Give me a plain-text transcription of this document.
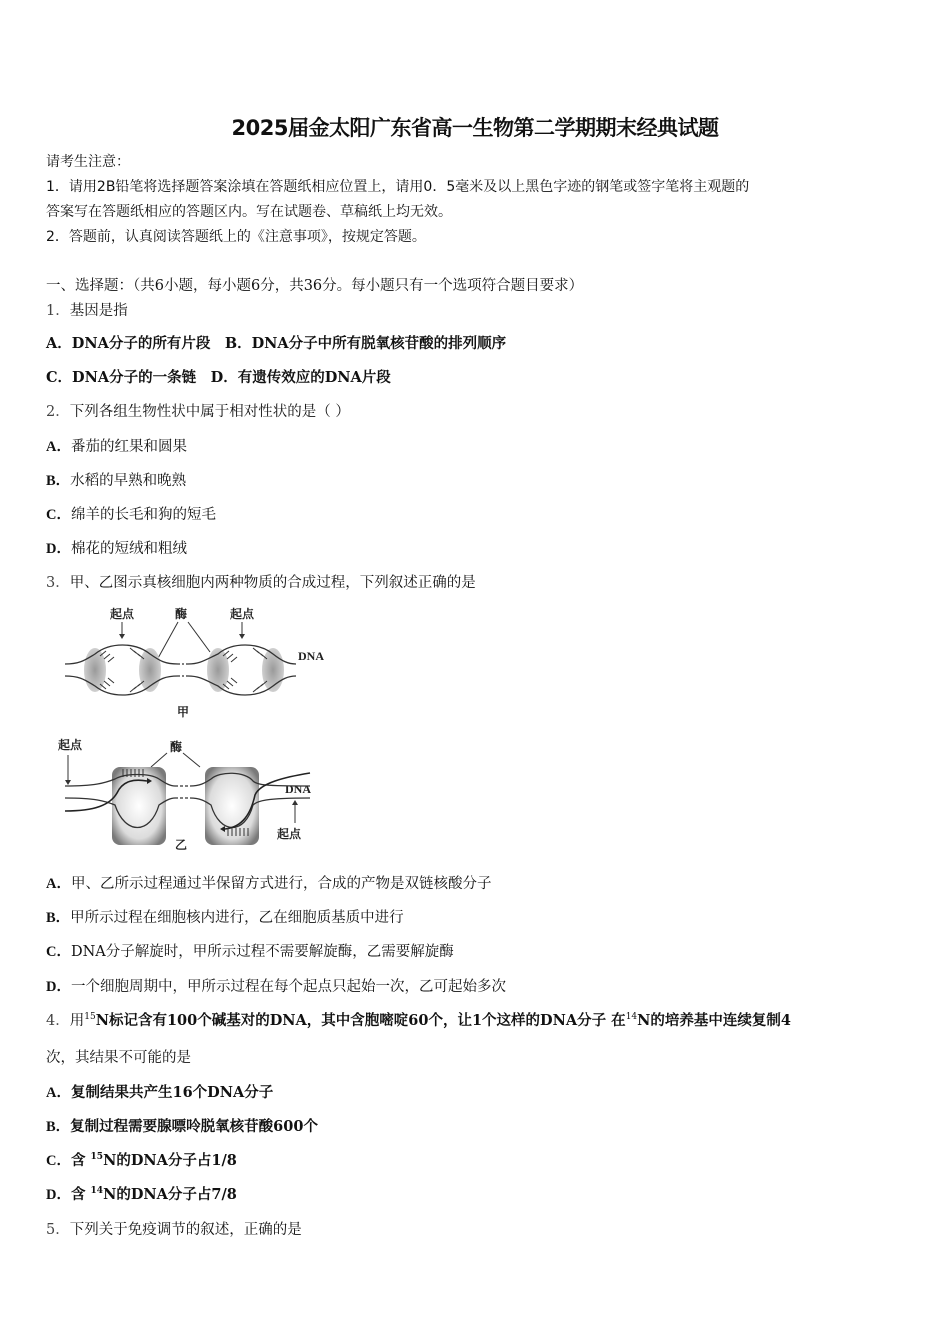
2025届金太阳广东省高一生物第二学期期末经典试题
请考生注意：
1．请用2B铅笔将选择题答案涂填在答题纸相应位置上，请用0．5毫米及以上黑色字迹的钢笔或签字笔将主观题的
答案写在答题纸相应的答题区内。写在试题卷、草稿纸上均无效。
2．答题前，认真阅读答题纸上的《注意事项》，按规定答题。
一、选择题：（共6小题，每小题6分，共36分。每小题只有一个选项符合题目要求）
1．基因是指
A．DNA分子的所有片段　B．DNA分子中所有脱氧核苷酸的排列顺序
C．DNA分子的一条链　D．有遗传效应的DNA片段
2．下列各组生物性状中属于相对性状的是（ ）
A．番茄的红果和圆果
B．水稻的早熟和晚熟
C．绵羊的长毛和狗的短毛
D．棉花的短绒和粗绒
3．甲、乙图示真核细胞内两种物质的合成过程，下列叙述正确的是
起点	酶	起点
DNA
甲
起点	酶
DNA
起点
乙
A．甲、乙所示过程通过半保留方式进行，合成的产物是双链核酸分子
B．甲所示过程在细胞核内进行，乙在细胞质基质中进行
C．DNA分子解旋时，甲所示过程不需要解旋酶，乙需要解旋酶
D．一个细胞周期中，甲所示过程在每个起点只起始一次，乙可起始多次
4．用$^{15}$N标记含有100个碱基对的DNA，其中含胞嘧啶60个，让1个这样的DNA分子 在$^{14}$N的培养基中连续复制4
次，其结果不可能的是
A．复制结果共产生16个DNA分子
B．复制过程需要腺嘌呤脱氧核苷酸600个
C．含 $^{15}$N的DNA分子占1/8
D．含 $^{14}$N的DNA分子占7/8
5．下列关于免疫调节的叙述，正确的是
